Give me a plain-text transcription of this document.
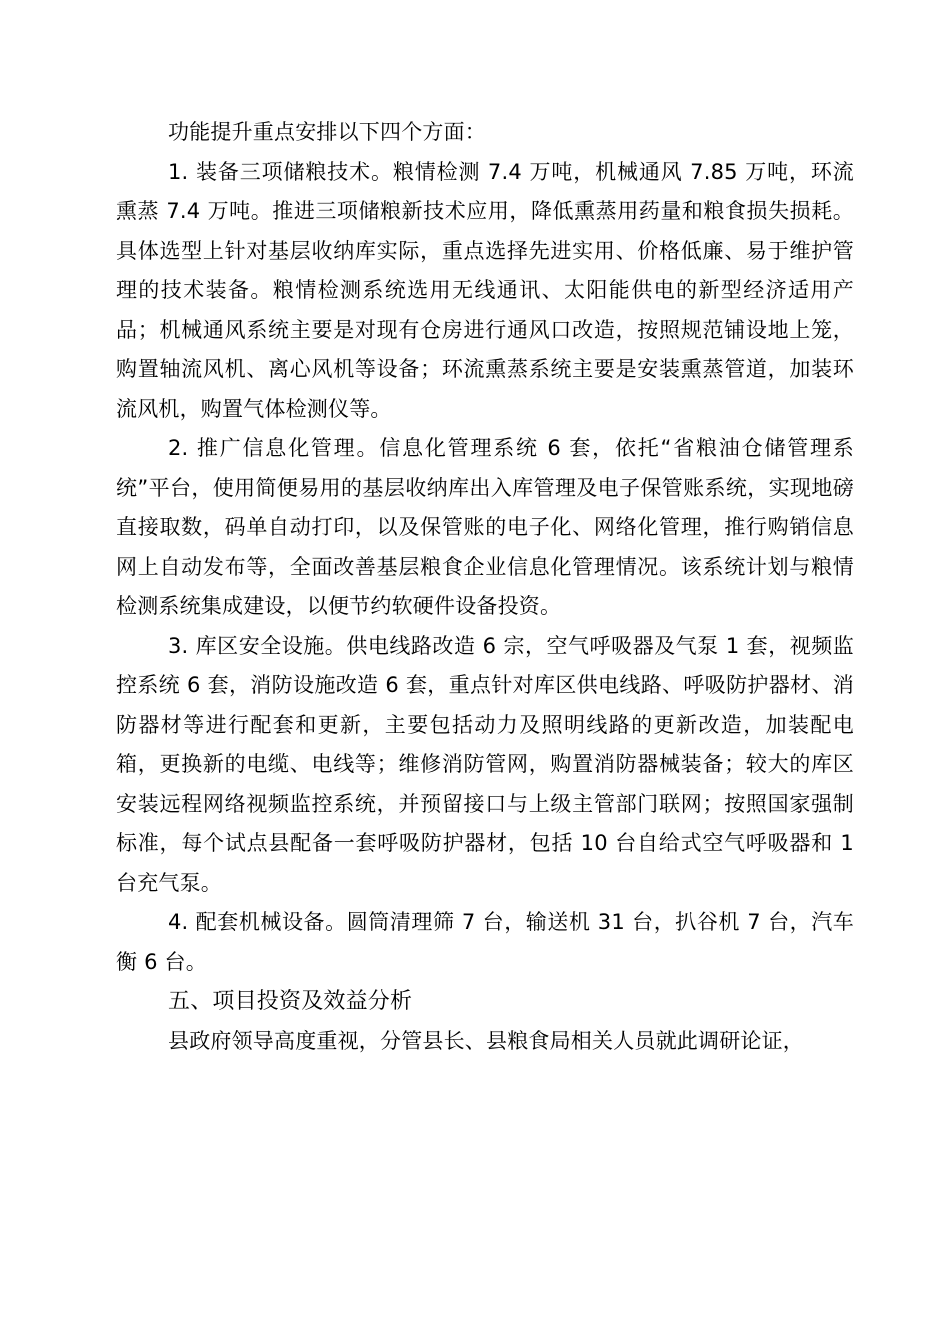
功能提升重点安排以下四个方面：

1. 装备三项储粮技术。粮情检测 7.4 万吨，机械通风 7.85 万吨，环流熏蒸 7.4 万吨。推进三项储粮新技术应用，降低熏蒸用药量和粮食损失损耗。具体选型上针对基层收纳库实际，重点选择先进实用、价格低廉、易于维护管理的技术装备。粮情检测系统选用无线通讯、太阳能供电的新型经济适用产品；机械通风系统主要是对现有仓房进行通风口改造，按照规范铺设地上笼，购置轴流风机、离心风机等设备；环流熏蒸系统主要是安装熏蒸管道，加装环流风机，购置气体检测仪等。

2. 推广信息化管理。信息化管理系统 6 套，依托“省粮油仓储管理系统”平台，使用简便易用的基层收纳库出入库管理及电子保管账系统，实现地磅直接取数，码单自动打印，以及保管账的电子化、网络化管理，推行购销信息网上自动发布等，全面改善基层粮食企业信息化管理情况。该系统计划与粮情检测系统集成建设，以便节约软硬件设备投资。

3. 库区安全设施。供电线路改造 6 宗，空气呼吸器及气泵 1 套，视频监控系统 6 套，消防设施改造 6 套，重点针对库区供电线路、呼吸防护器材、消防器材等进行配套和更新，主要包括动力及照明线路的更新改造，加装配电箱，更换新的电缆、电线等；维修消防管网，购置消防器械装备；较大的库区安装远程网络视频监控系统，并预留接口与上级主管部门联网；按照国家强制标准，每个试点县配备一套呼吸防护器材，包括 10 台自给式空气呼吸器和 1 台充气泵。

4. 配套机械设备。圆筒清理筛 7 台，输送机 31 台，扒谷机 7 台，汽车衡 6 台。

五、项目投资及效益分析

县政府领导高度重视，分管县长、县粮食局相关人员就此调研论证，
